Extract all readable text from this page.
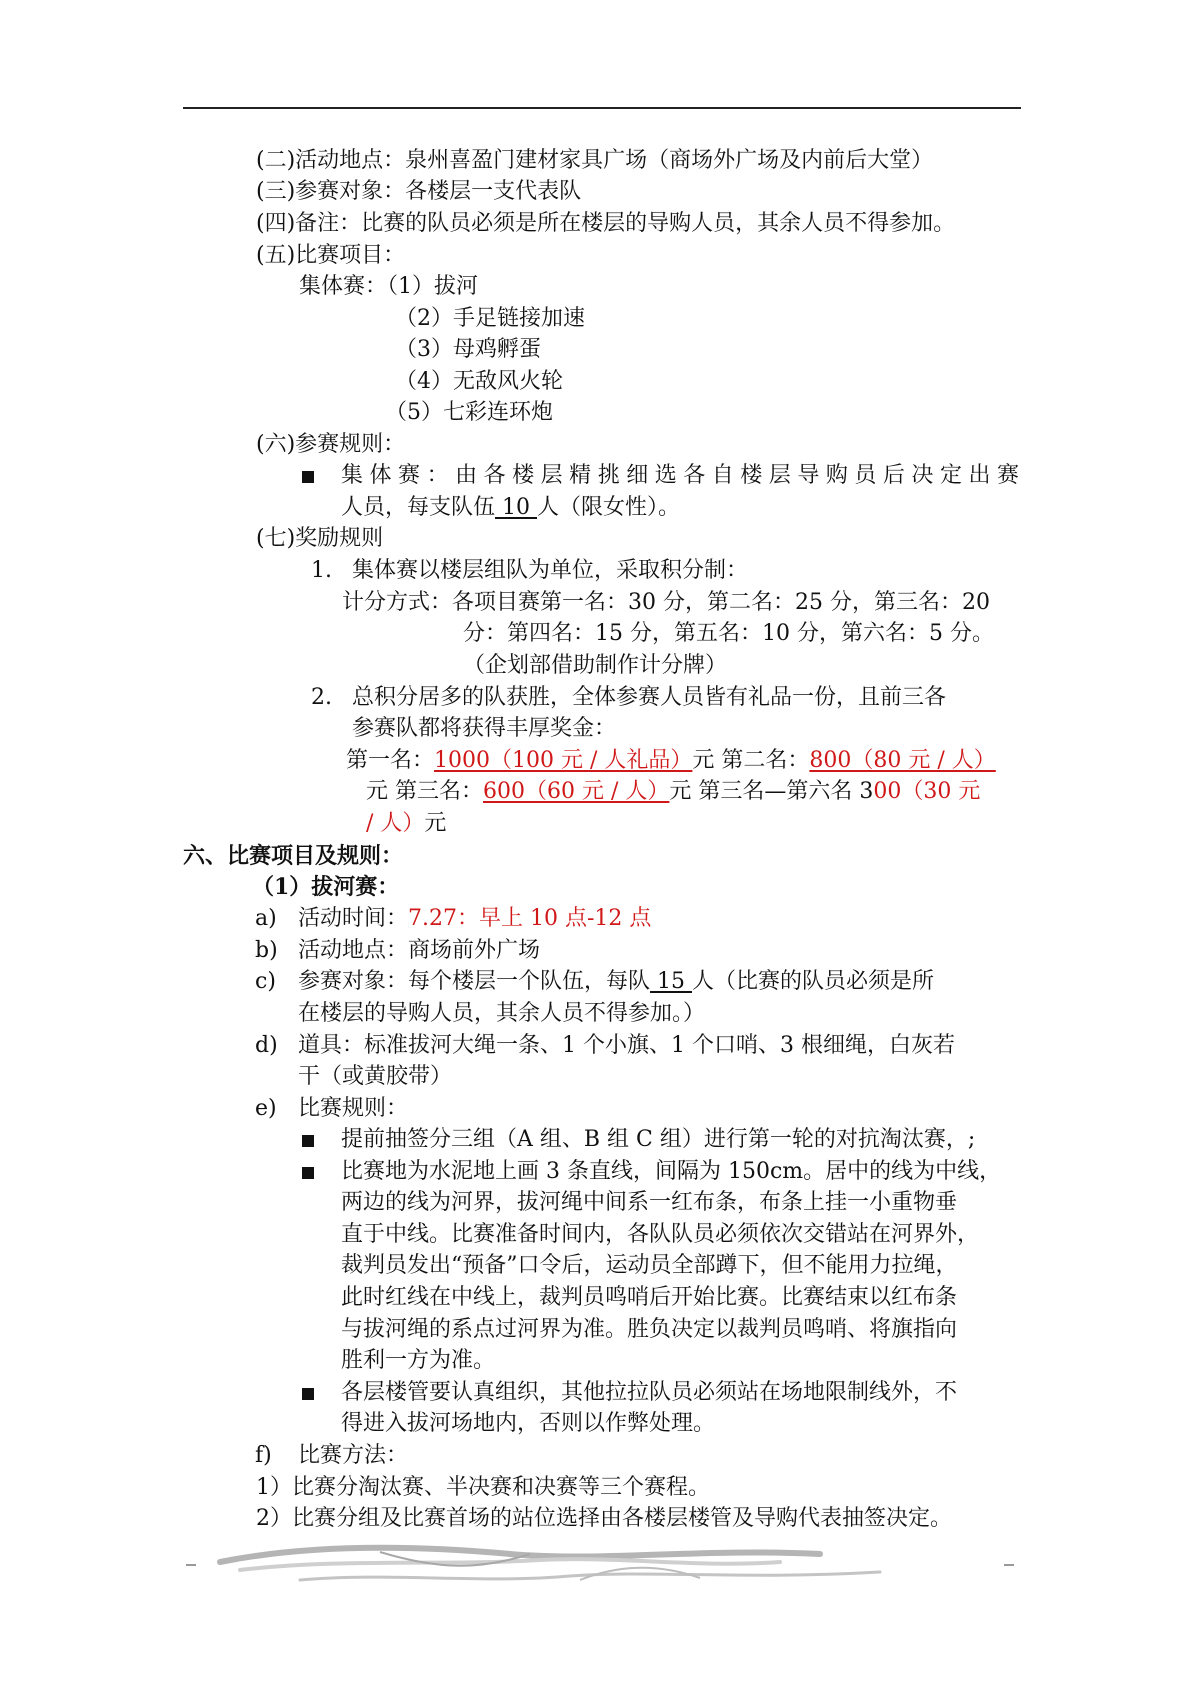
(二)活动地点：泉州喜盈门建材家具广场（商场外广场及内前后大堂）
(三)参赛对象：各楼层一支代表队
(四)备注：比赛的队员必须是所在楼层的导购人员，其余人员不得参加。
(五)比赛项目：
集体赛：（1）拔河
（2）手足链接加速
（3）母鸡孵蛋
（4）无敌风火轮
（5）七彩连环炮
(六)参赛规则：
集体赛：由各楼层精挑细选各自楼层导购员后决定出赛
人员，每支队伍 10 人（限女性）。
(七)奖励规则
1. 集体赛以楼层组队为单位，采取积分制：
计分方式：各项目赛第一名：30 分，第二名：25 分，第三名：20
分：第四名：15 分，第五名：10 分，第六名：5 分。
（企划部借助制作计分牌）
2. 总积分居多的队获胜，全体参赛人员皆有礼品一份，且前三各
参赛队都将获得丰厚奖金：
第一名：1000（100 元 / 人礼品）元 第二名：800（80 元 / 人）
元 第三名：600（60 元 / 人）元 第三名—第六名 300（30 元
/ 人）元
六、比赛项目及规则：
（1）拔河赛：
a) 活动时间：7.27：早上 10 点-12 点
b) 活动地点：商场前外广场
c) 参赛对象：每个楼层一个队伍，每队 15 人（比赛的队员必须是所
在楼层的导购人员，其余人员不得参加。）
d) 道具：标准拔河大绳一条、1 个小旗、1 个口哨、3 根细绳，白灰若
干（或黄胶带）
e) 比赛规则：
提前抽签分三组（A 组、B 组 C 组）进行第一轮的对抗淘汰赛，;
比赛地为水泥地上画 3 条直线，间隔为 150cm。居中的线为中线，
两边的线为河界，拔河绳中间系一红布条，布条上挂一小重物垂
直于中线。比赛准备时间内，各队队员必须依次交错站在河界外，
裁判员发出“预备”口令后，运动员全部蹲下，但不能用力拉绳，
此时红线在中线上，裁判员鸣哨后开始比赛。比赛结束以红布条
与拔河绳的系点过河界为准。胜负决定以裁判员鸣哨、将旗指向
胜利一方为准。
各层楼管要认真组织，其他拉拉队员必须站在场地限制线外，不
得进入拔河场地内，否则以作弊处理。
f) 比赛方法：
1）比赛分淘汰赛、半决赛和决赛等三个赛程。
2）比赛分组及比赛首场的站位选择由各楼层楼管及导购代表抽签决定。
